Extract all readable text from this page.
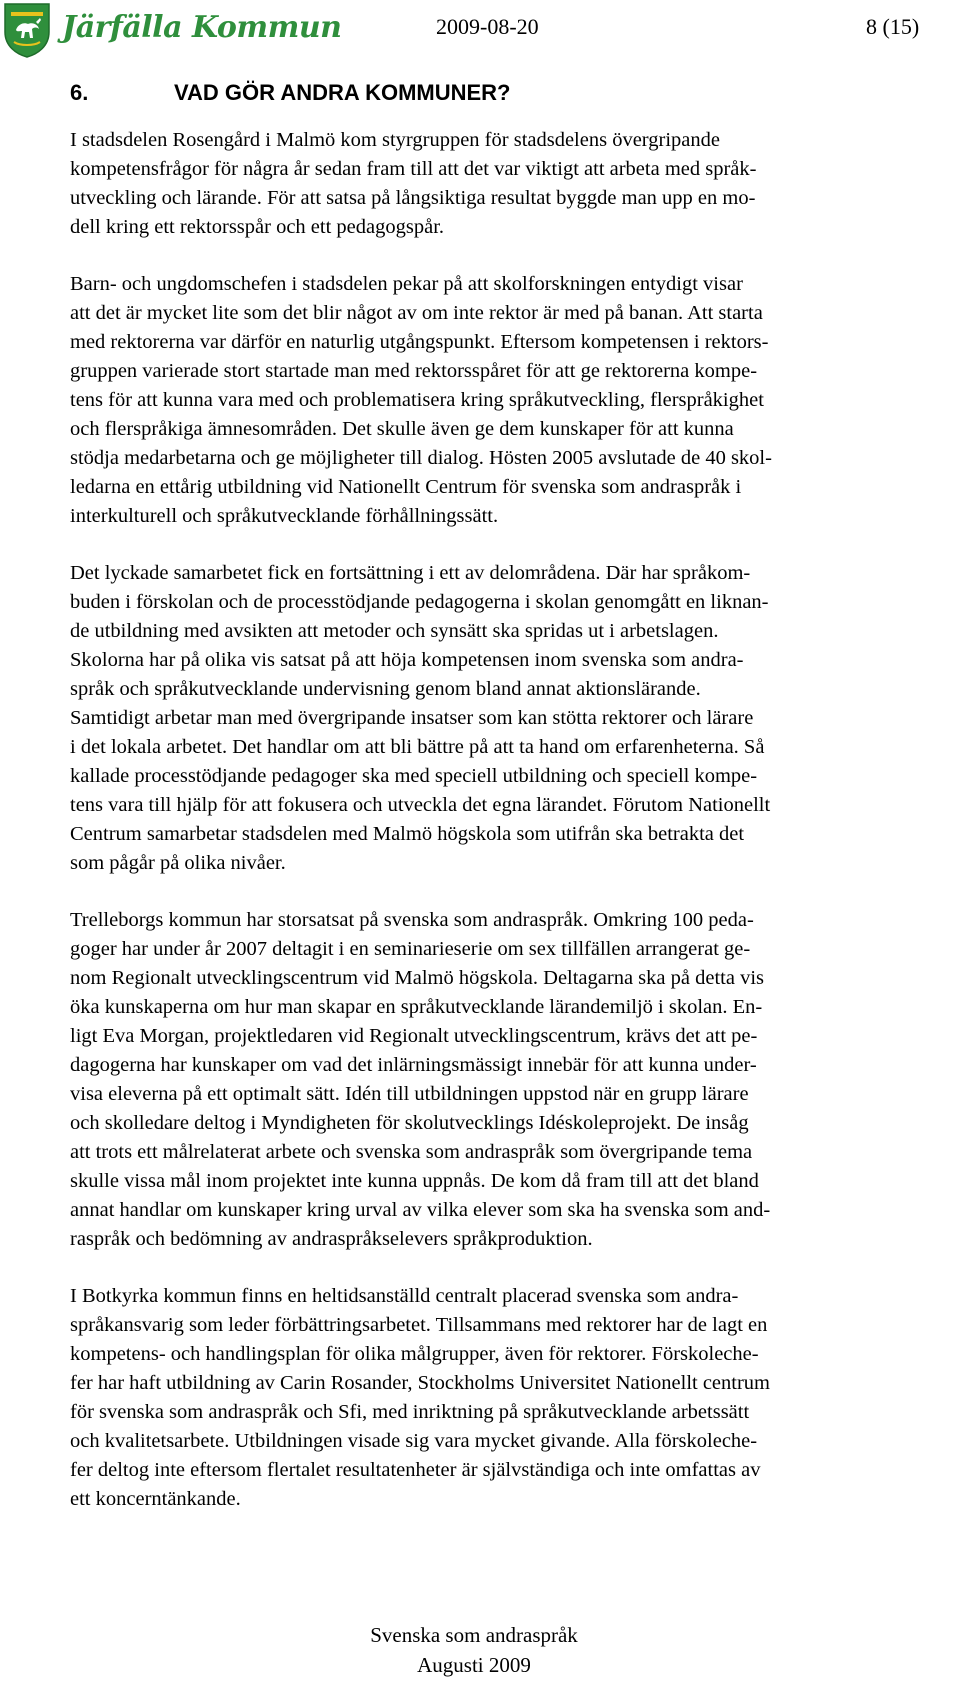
Järfälla Kommun	2009-08-20	8 (15)
6.	VAD GÖR ANDRA KOMMUNER?

I stadsdelen Rosengård i Malmö kom styrgruppen för stadsdelens övergripande
kompetensfrågor för några år sedan fram till att det var viktigt att arbeta med språk-
utveckling och lärande. För att satsa på långsiktiga resultat byggde man upp en mo-
dell kring ett rektorsspår och ett pedagogspår.

Barn- och ungdomschefen i stadsdelen pekar på att skolforskningen entydigt visar
att det är mycket lite som det blir något av om inte rektor är med på banan. Att starta
med rektorerna var därför en naturlig utgångspunkt. Eftersom kompetensen i rektors-
gruppen varierade stort startade man med rektorsspåret för att ge rektorerna kompe-
tens för att kunna vara med och problematisera kring språkutveckling, flerspråkighet
och flerspråkiga ämnesområden. Det skulle även ge dem kunskaper för att kunna
stödja medarbetarna och ge möjligheter till dialog. Hösten 2005 avslutade de 40 skol-
ledarna en ettårig utbildning vid Nationellt Centrum för svenska som andraspråk i
interkulturell och språkutvecklande förhållningssätt.

Det lyckade samarbetet fick en fortsättning i ett av delområdena. Där har språkom-
buden i förskolan och de processtödjande pedagogerna i skolan genomgått en liknan-
de utbildning med avsikten att metoder och synsätt ska spridas ut i arbetslagen.
Skolorna har på olika vis satsat på att höja kompetensen inom svenska som andra-
språk och språkutvecklande undervisning genom bland annat aktionslärande.
Samtidigt arbetar man med övergripande insatser som kan stötta rektorer och lärare
i det lokala arbetet. Det handlar om att bli bättre på att ta hand om erfarenheterna. Så
kallade processtödjande pedagoger ska med speciell utbildning och speciell kompe-
tens vara till hjälp för att fokusera och utveckla det egna lärandet. Förutom Nationellt
Centrum samarbetar stadsdelen med Malmö högskola som utifrån ska betrakta det
som pågår på olika nivåer.

Trelleborgs kommun har storsatsat på svenska som andraspråk. Omkring 100 peda-
goger har under år 2007 deltagit i en seminarieserie om sex tillfällen arrangerat ge-
nom Regionalt utvecklingscentrum vid Malmö högskola. Deltagarna ska på detta vis
öka kunskaperna om hur man skapar en språkutvecklande lärandemiljö i skolan. En-
ligt Eva Morgan, projektledaren vid Regionalt utvecklingscentrum, krävs det att pe-
dagogerna har kunskaper om vad det inlärningsmässigt innebär för att kunna under-
visa eleverna på ett optimalt sätt. Idén till utbildningen uppstod när en grupp lärare
och skolledare deltog i Myndigheten för skolutvecklings Idéskoleprojekt. De insåg
att trots ett målrelaterat arbete och svenska som andraspråk som övergripande tema
skulle vissa mål inom projektet inte kunna uppnås. De kom då fram till att det bland
annat handlar om kunskaper kring urval av vilka elever som ska ha svenska som and-
raspråk och bedömning av andraspråkselevers språkproduktion.

I Botkyrka kommun finns en heltidsanställd centralt placerad svenska som andra-
språkansvarig som leder förbättringsarbetet. Tillsammans med rektorer har de lagt en
kompetens- och handlingsplan för olika målgrupper, även för rektorer. Förskoleche-
fer har haft utbildning av Carin Rosander, Stockholms Universitet Nationellt centrum
för svenska som andraspråk och Sfi, med inriktning på språkutvecklande arbetssätt
och kvalitetsarbete. Utbildningen visade sig vara mycket givande. Alla förskoleche-
fer deltog inte eftersom flertalet resultatenheter är självständiga och inte omfattas av
ett koncerntänkande.

Svenska som andraspråk
Augusti 2009
